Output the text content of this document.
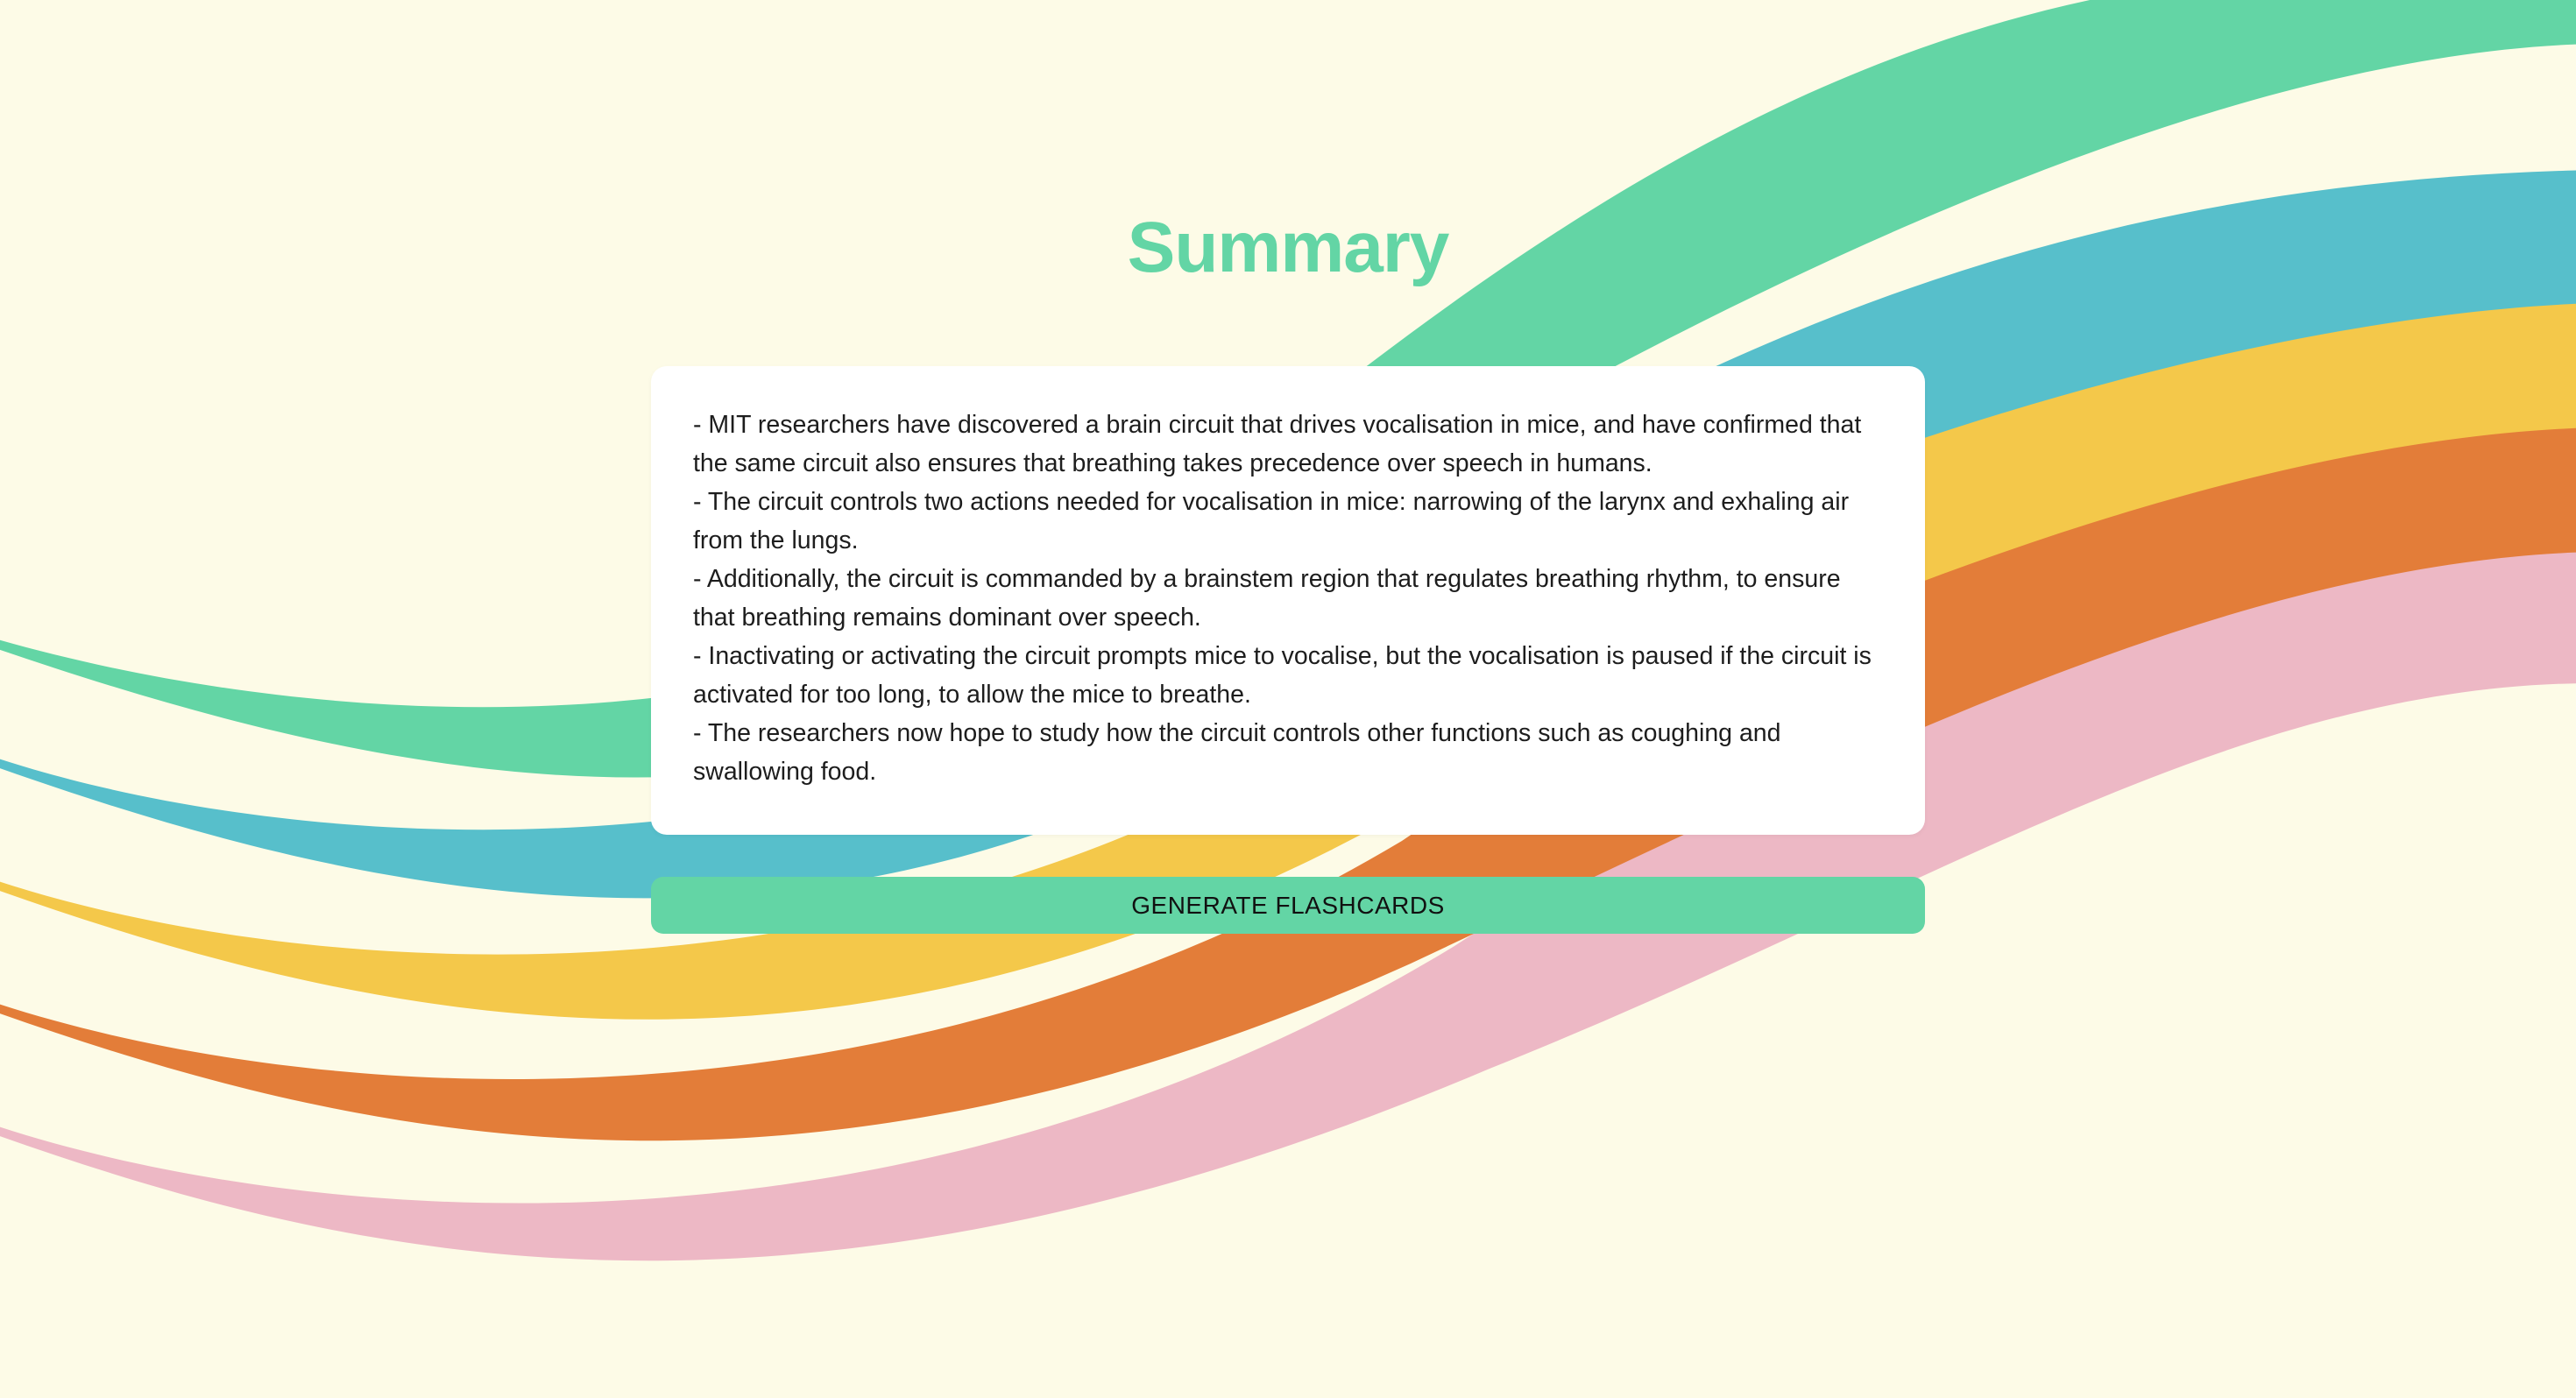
Summary

- MIT researchers have discovered a brain circuit that drives vocalisation in mice, and have confirmed that the same circuit also ensures that breathing takes precedence over speech in humans.

- The circuit controls two actions needed for vocalisation in mice: narrowing of the larynx and exhaling air from the lungs.

- Additionally, the circuit is commanded by a brainstem region that regulates breathing rhythm, to ensure that breathing remains dominant over speech.

- Inactivating or activating the circuit prompts mice to vocalise, but the vocalisation is paused if the circuit is activated for too long, to allow the mice to breathe.

- The researchers now hope to study how the circuit controls other functions such as coughing and swallowing food.

GENERATE FLASHCARDS
